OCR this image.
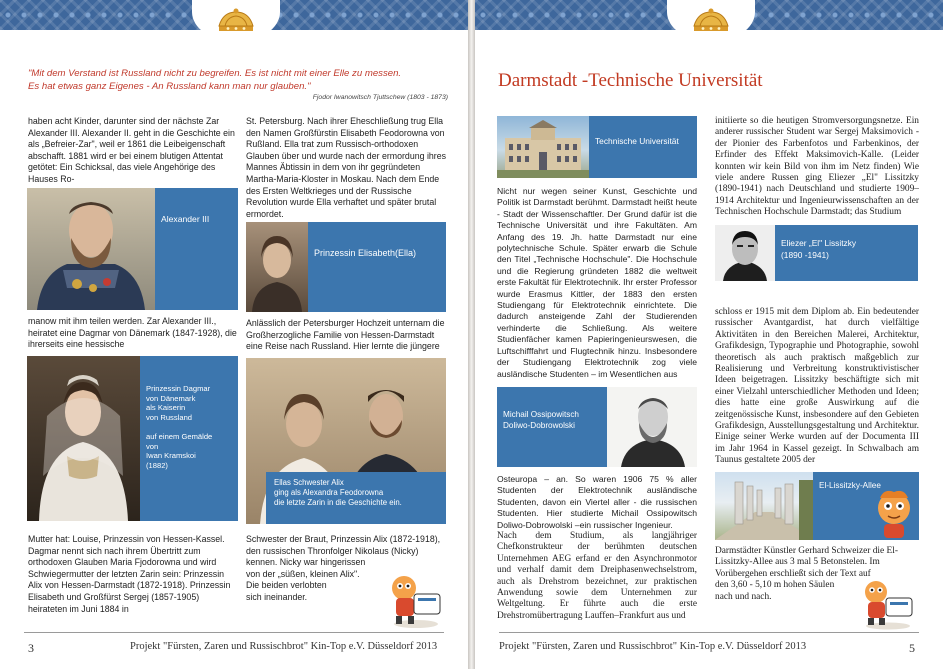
"Mit dem Verstand ist Russland nicht zu begreifen. Es ist nicht mit einer Elle zu messen.
Es hat etwas ganz Eigenes - An Russland kann man nur glauben."
Fjodor Iwanowitsch Tjuttschew (1803 - 1873)

haben acht Kinder, darunter sind der nächste Zar Alexander III. Alexander II. geht in die Geschichte ein als „Befreier-Zar", weil er 1861 die Leibeigenschaft abschafft. 1881 wird er bei einem blutigen Attentat getötet: Ein Schicksal, das viele Angehörige des Hauses Ro-

Alexander III

manow mit ihm teilen werden. Zar Alexander III., heiratet eine Dagmar von Dänemark (1847-1928), die ihrerseits eine hessische

Prinzessin Dagmar
von Dänemark
als Kaiserin
von Russland
auf einem Gemälde
von
Iwan Kramskoi
(1882)

Mutter hat: Louise, Prinzessin von Hessen-Kassel. Dagmar nennt sich nach ihrem Übertritt zum orthodoxen Glauben Maria Fjodorowna und wird Schwiegermutter der letzten Zarin sein: Prinzessin Alix von Hessen-Darmstadt (1872-1918). Prinzessin Elisabeth und Großfürst Sergej (1857-1905) heirateten im Juni 1884 in

St. Petersburg. Nach ihrer Eheschließung trug Ella den Namen Großfürstin Elisabeth Feodorowna von Rußland. Ella trat zum Russisch-orthodoxen Glauben über und wurde nach der ermordung ihres Mannes Äbtissin in dem von ihr gegründeten Martha-Maria-Kloster in Moskau. Nach dem Ende des Ersten Weltkrieges und der Russische Revolution wurde Ella verhaftet und später brutal ermordet.

Prinzessin Elisabeth(Ella)

Anlässlich der Petersburger Hochzeit unternam die Großherzogliche Familie von Hessen-Darmstadt eine Reise nach Russland. Hier lernte die jüngere

Ellas Schwester Alix
ging als Alexandra Feodorowna
die letzte Zarin in die Geschichte ein.

Schwester der Braut, Prinzessin Alix (1872-1918), den russischen Thronfolger Nikolaus (Nicky) kennen. Nicky war hingerissen

von der „süßen, kleinen Alix".

Die beiden verlobten

sich ineinander.

3	Projekt "Fürsten, Zaren und Russischbrot" Kin-Top e.V. Düsseldorf 2013
Darmstadt -Technische Universität
Technische Universität

Nicht nur wegen seiner Kunst, Geschichte und Politik ist Darmstadt berühmt. Darmstadt heißt heute - Stadt der Wissenschaftler. Der Grund dafür ist die Technische Universität und ihre Fakultäten. Am Anfang des 19. Jh. hatte Darmstadt nur eine polytechnische Schule. Später erwarb die Schule den Titel „Technische Hochschule". Die Hochschule und die Regierung gründeten 1882 die weltweit erste Fakultät für Elektrotechnik. Ihr erster Professor wurde Erasmus Kittler, der 1883 den ersten Studiengang für Elektrotechnik einrichtete. Die dadurch ansteigende Zahl der Studierenden verhinderte die Schließung. Als weitere Studienfächer kamen Papieringenieurswesen, die Luftschifffahrt und Flugtechnik hinzu. Insbesondere der Studiengang Elektrotechnik zog viele ausländische Studenten – im Wesentlichen aus

Michail Ossipowitsch
Doliwo-Dobrowolski

Osteuropa – an. So waren 1906 75 % aller Studenten der Elektrotechnik ausländische Studenten, davon ein Viertel aller - die russischen Studenten. Hier studierte Michail Ossipowitsch Doliwo-Dobrowolski –ein russischer Ingenieur.

Nach dem Studium, als langjähriger Chefkonstrukteur der berühmten deutschen Unternehmen AEG erfand er den Asynchronmotor und verhalf damit dem Dreiphasenwechselstrom, auch als Drehstrom bezeichnet, zur praktischen Anwendung sowie dem Unternehmen zur Weltgeltung. Er führte auch die erste Drehstromübertragung Lauffen–Frankfurt aus und

initiierte so die heutigen Stromversorgungsnetze. Ein anderer russischer Student war Sergej Maksimovich - der Pionier des Farbenfotos und Farbenkinos, der Erfinder des Effekt Maksimovich-Kalle. (Leider konnten wir kein Bild von ihm im Netz finden) Wie viele andere Russen ging Eliezer „El" Lissitzky (1890-1941) nach Deutschland und studierte 1909–1914 Architektur und Ingenieurwissenschaften an der Technischen Hochschule Darmstadt; das Studium

Eliezer „El" Lissitzky
(1890 -1941)

schloss er 1915 mit dem Diplom ab. Ein bedeutender russischer Avantgardist, hat durch vielfältige Aktivitäten in den Bereichen Malerei, Architektur, Grafikdesign, Typographie und Photographie, sowohl theoretisch als auch praktisch maßgeblich zur Realisierung und Verbreitung konstruktivistischer Ideen beigetragen. Lissitzky beschäftigte sich mit einer Vielzahl unterschiedlicher Methoden und Ideen; dies hatte eine große Auswirkung auf die zeitgenössische Kunst, insbesondere auf den Gebieten Grafikdesign, Ausstellungsgestaltung und Architektur. Einige seiner Werke wurden auf der Documenta III im Jahr 1964 in Kassel gezeigt. In Schwalbach am Taunus gestaltete 2005 der

El-Lissitzky-Allee

Darmstädter Künstler Gerhard Schweizer die El-Lissitzky-Allee aus 3 mal 5 Betonstelen. Im Vorübergehen erschließt sich der Text auf

den 3,60 - 5,10 m hohen Säulen

nach und nach.

Projekt "Fürsten, Zaren und Russischbrot" Kin-Top e.V. Düsseldorf 2013	5
